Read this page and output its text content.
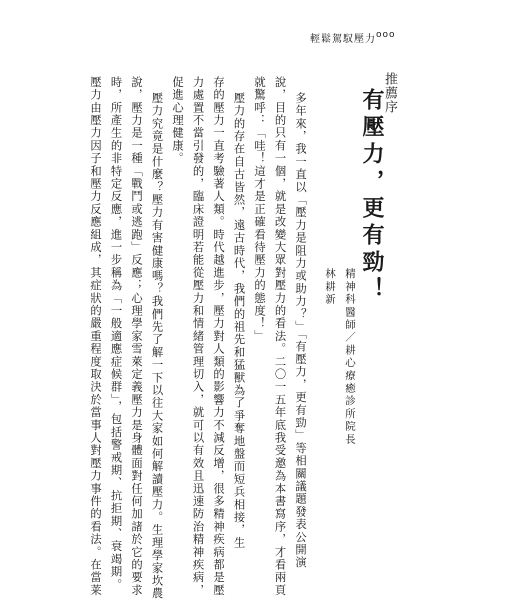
輕鬆駕馭壓力 ooo
推薦序
有壓力，更有勁！
精神科醫師／耕心療癒診所院長
林耕新
多年來，我一直以「壓力是阻力或助力？」「有壓力，更有勁」等相關議題發表公開演
說，目的只有一個，就是改變大眾對壓力的看法。二〇一五年底我受邀為本書寫序，才看兩頁
就驚呼：「哇！這才是正確看待壓力的態度！」
壓力的存在自古皆然，遠古時代，我們的祖先和猛獸為了爭奪地盤而短兵相接，生
存的壓力一直考驗著人類。時代越進步，壓力對人類的影響力不減反增，很多精神疾病都是壓
力處置不當引發的，臨床證明若能從壓力和情緒管理切入，就可以有效且迅速防治精神疾病，
促進心理健康。
壓力究竟是什麼？壓力有害健康嗎？我們先了解一下以往大家如何解讀壓力。生理學家坎農
說，壓力是一種「戰鬥或逃跑」反應；心理學家雪萊定義壓力是身體面對任何加諸於它的要求
時，所產生的非特定反應，進一步稱為「一般適應症候群」，包括警戒期、抗拒期、衰竭期。
壓力由壓力因子和壓力反應組成，其症狀的嚴重程度取決於當事人對壓力事件的看法。在當莱
